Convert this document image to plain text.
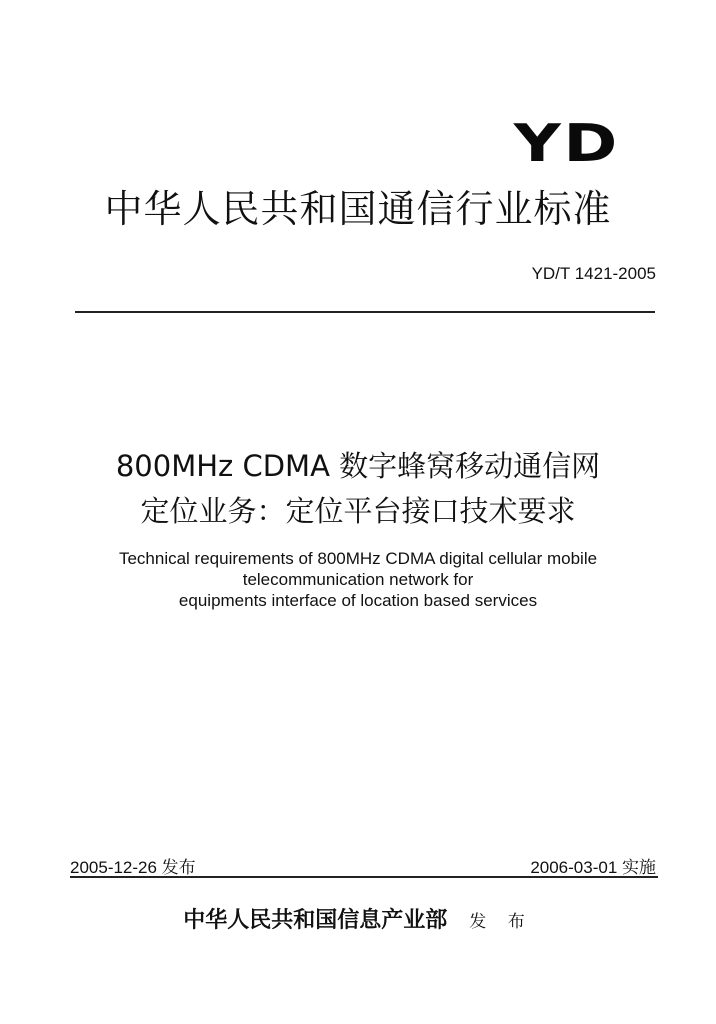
YD
中华人民共和国通信行业标准
YD/T 1421-2005
800MHz CDMA 数字蜂窝移动通信网
定位业务：定位平台接口技术要求
Technical requirements of 800MHz CDMA digital cellular mobile
telecommunication network for
equipments interface of location based services
2005-12-26 发布	2006-03-01 实施
中华人民共和国信息产业部 发 布
